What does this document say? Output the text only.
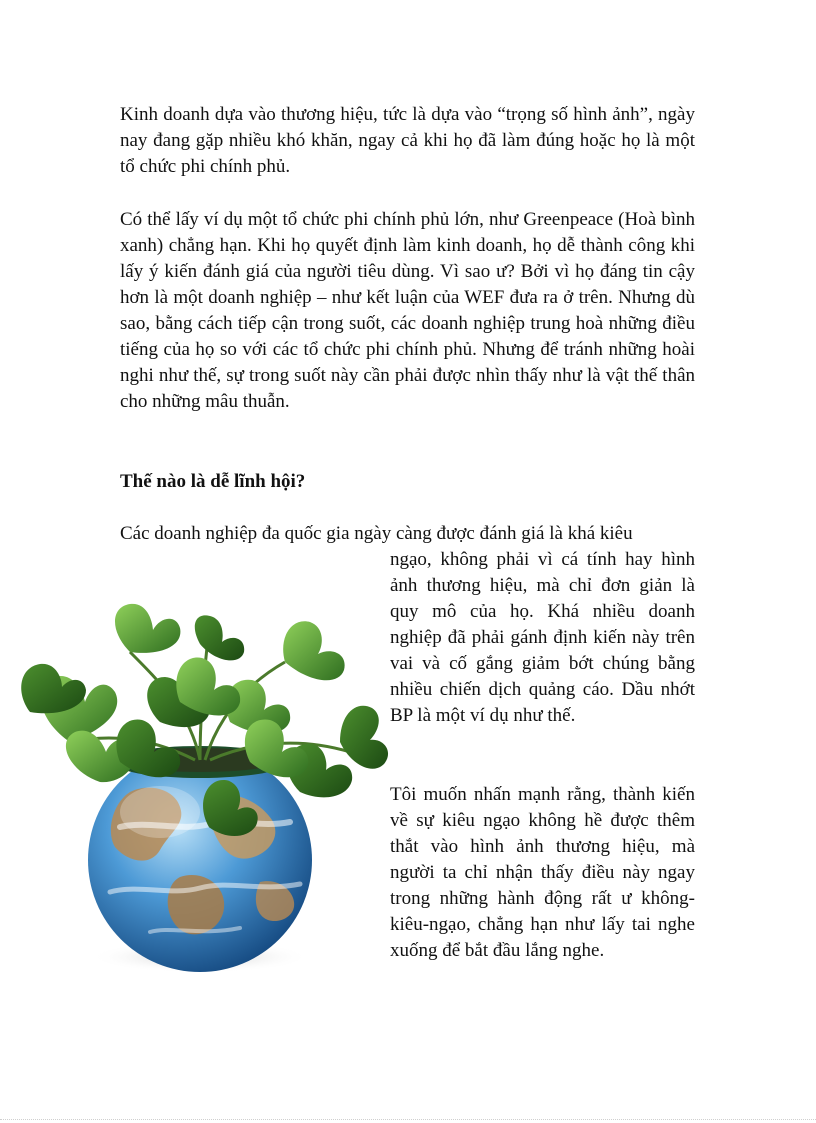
Kinh doanh dựa vào thương hiệu, tức là dựa vào “trọng số hình ảnh”, ngày nay đang gặp nhiều khó khăn, ngay cả khi họ đã làm đúng hoặc họ là một tổ chức phi chính phủ.

Có thể lấy ví dụ một tổ chức phi chính phủ lớn, như Greenpeace (Hoà bình xanh) chẳng hạn. Khi họ quyết định làm kinh doanh, họ dễ thành công khi lấy ý kiến đánh giá của người tiêu dùng. Vì sao ư? Bởi vì họ đáng tin cậy hơn là một doanh nghiệp – như kết luận của WEF đưa ra ở trên. Nhưng dù sao, bằng cách tiếp cận trong suốt, các doanh nghiệp trung hoà những điều tiếng của họ so với các tổ chức phi chính phủ. Nhưng để tránh những hoài nghi như thế, sự trong suốt này cần phải được nhìn thấy như là vật thế thân cho những mâu thuẫn.

Thế nào là dễ lĩnh hội?

Các doanh nghiệp đa quốc gia ngày càng được đánh giá là khá kiêu

ngạo, không phải vì cá tính hay hình ảnh thương hiệu, mà chỉ đơn giản là quy mô của họ. Khá nhiều doanh nghiệp đã phải gánh định kiến này trên vai và cố gắng giảm bớt chúng bằng nhiều chiến dịch quảng cáo. Dầu nhớt BP là một ví dụ như thế.

Tôi muốn nhấn mạnh rằng, thành kiến về sự kiêu ngạo không hề được thêm thắt vào hình ảnh thương hiệu, mà người ta chỉ nhận thấy điều này ngay trong những hành động rất ư không-kiêu-ngạo, chẳng hạn như lấy tai nghe xuống để bắt đầu lắng nghe.
